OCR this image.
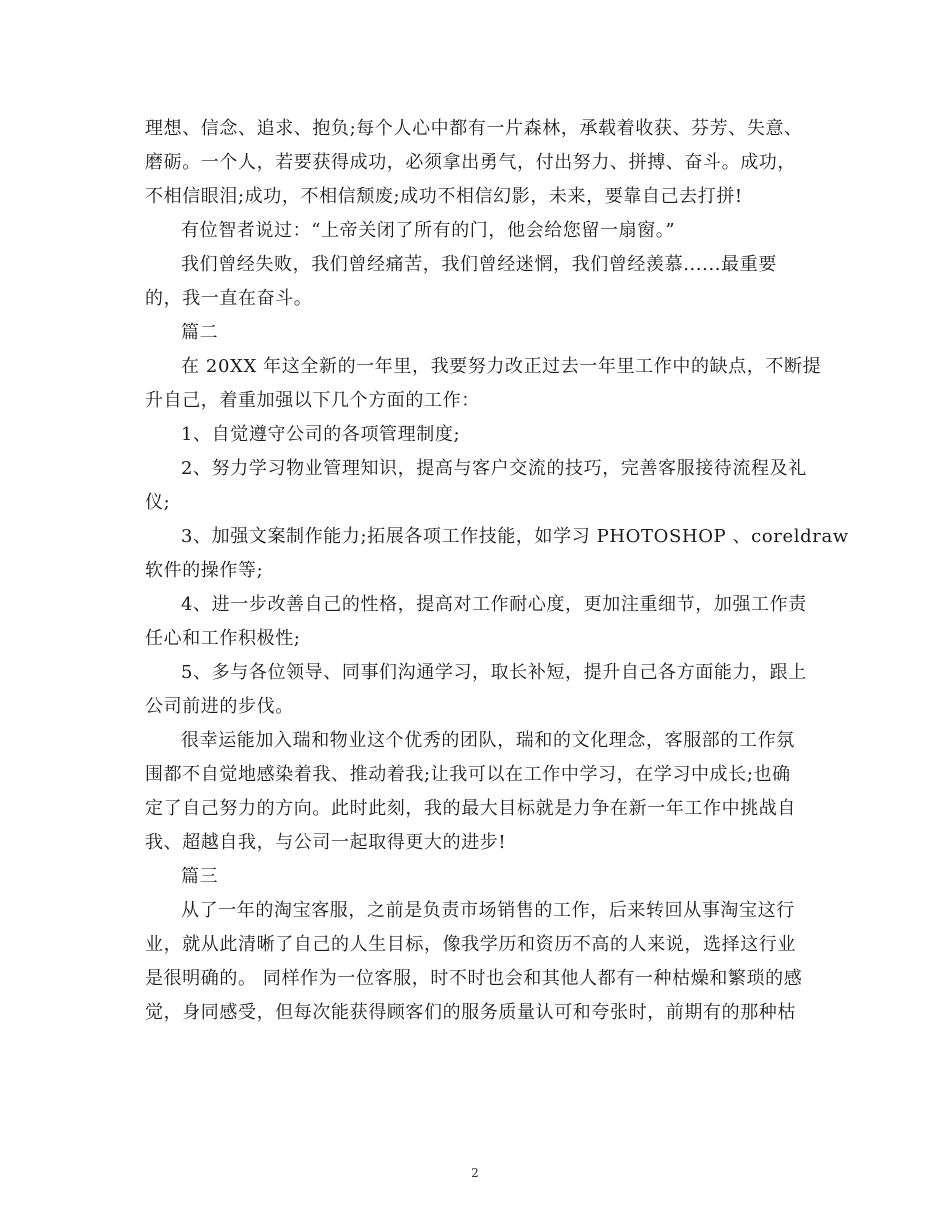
理想、信念、追求、抱负;每个人心中都有一片森林，承载着收获、芬芳、失意、

磨砺。一个人，若要获得成功，必须拿出勇气，付出努力、拼搏、奋斗。成功，

不相信眼泪;成功，不相信颓废;成功不相信幻影，未来，要靠自己去打拼!

有位智者说过：“上帝关闭了所有的门，他会给您留一扇窗。”

我们曾经失败，我们曾经痛苦，我们曾经迷惘，我们曾经羡慕......最重要

的，我一直在奋斗。

篇二

在 20XX 年这全新的一年里，我要努力改正过去一年里工作中的缺点，不断提

升自己，着重加强以下几个方面的工作：

1、自觉遵守公司的各项管理制度;

2、努力学习物业管理知识，提高与客户交流的技巧，完善客服接待流程及礼

仪;

3、加强文案制作能力;拓展各项工作技能，如学习 PHOTOSHOP 、coreldraw

软件的操作等;

4、进一步改善自己的性格，提高对工作耐心度，更加注重细节，加强工作责

任心和工作积极性;

5、多与各位领导、同事们沟通学习，取长补短，提升自己各方面能力，跟上

公司前进的步伐。

很幸运能加入瑞和物业这个优秀的团队，瑞和的文化理念，客服部的工作氛

围都不自觉地感染着我、推动着我;让我可以在工作中学习，在学习中成长;也确

定了自己努力的方向。此时此刻，我的最大目标就是力争在新一年工作中挑战自

我、超越自我，与公司一起取得更大的进步!

篇三

从了一年的淘宝客服，之前是负责市场销售的工作，后来转回从事淘宝这行

业，就从此清晰了自己的人生目标，像我学历和资历不高的人来说，选择这行业

是很明确的。 同样作为一位客服，时不时也会和其他人都有一种枯燥和繁琐的感

觉，身同感受，但每次能获得顾客们的服务质量认可和夸张时，前期有的那种枯

2
